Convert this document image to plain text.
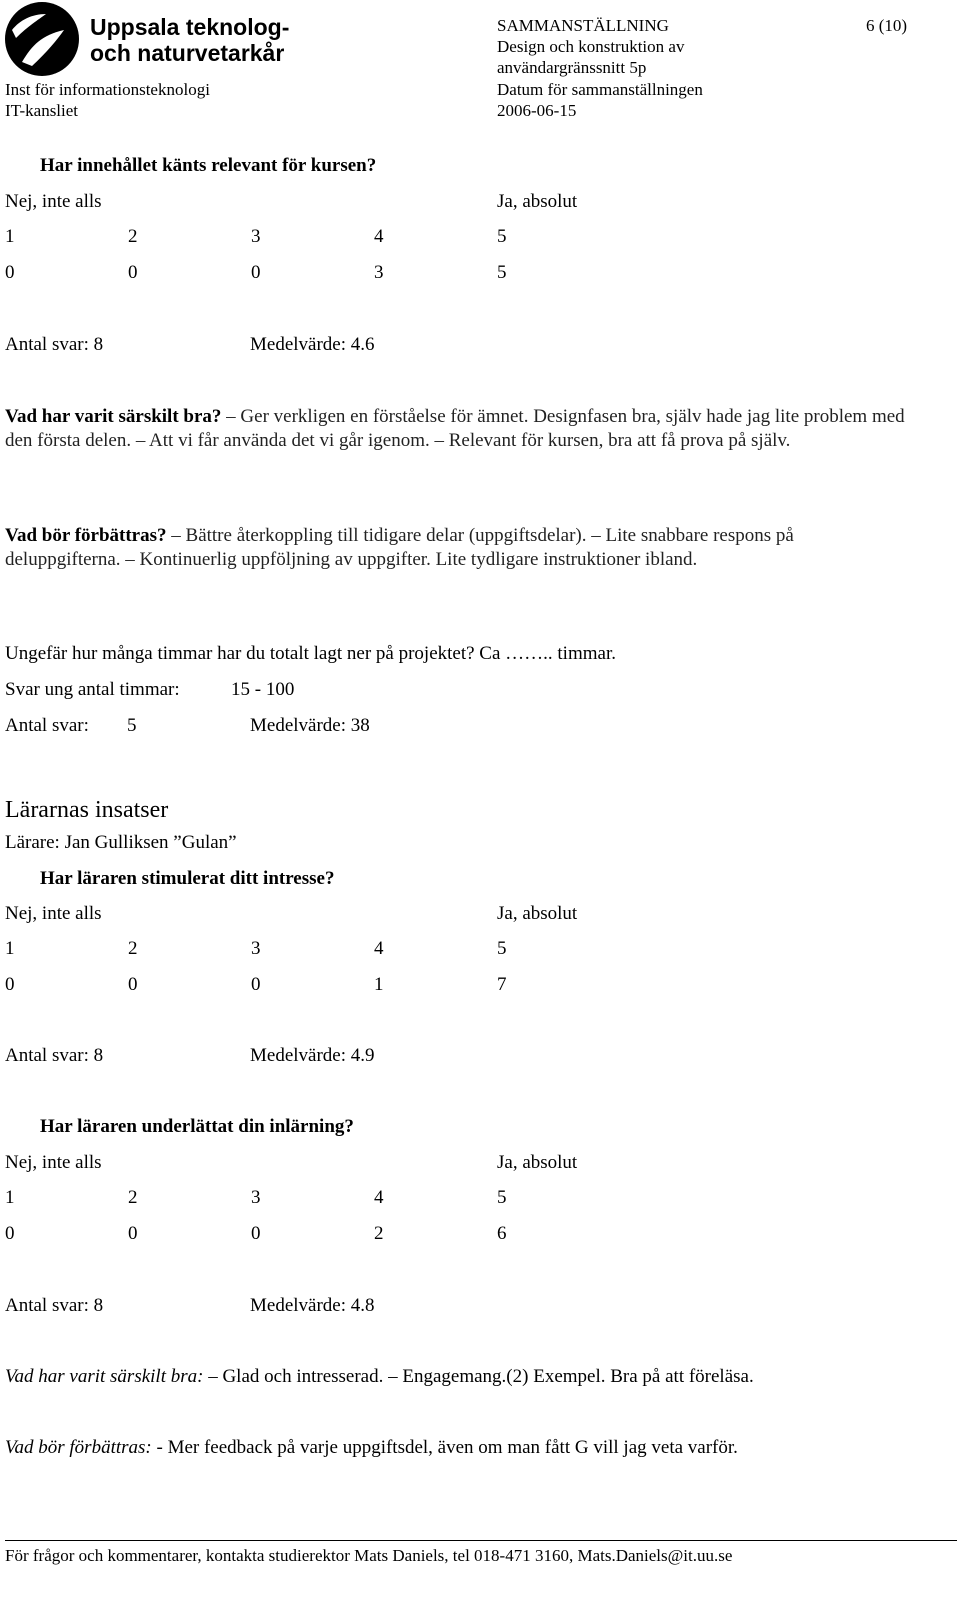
Uppsala teknolog-
och naturvetarkår
Inst för informationsteknologi
IT-kansliet
SAMMANSTÄLLNING
Design och konstruktion av
användargränssnitt 5p
Datum för sammanställningen
2006-06-15
6 (10)
Har innehållet känts relevant för kursen?
Nej, inte alls	Ja, absolut
1	2	3	4	5
0	0	0	3	5
Antal svar: 8	Medelvärde: 4.6
Vad har varit särskilt bra? – Ger verkligen en förståelse för ämnet. Designfasen bra, själv hade jag lite problem med den första delen. – Att vi får använda det vi går igenom. – Relevant för kursen, bra att få prova på själv.
Vad bör förbättras? – Bättre återkoppling till tidigare delar (uppgiftsdelar). – Lite snabbare respons på deluppgifterna. – Kontinuerlig uppföljning av uppgifter. Lite tydligare instruktioner ibland.
Ungefär hur många timmar har du totalt lagt ner på projektet? Ca …….. timmar.
Svar ung antal timmar:	15 - 100
Antal svar: 5	Medelvärde: 38
Lärarnas insatser
Lärare: Jan Gulliksen ”Gulan”
Har läraren stimulerat ditt intresse?
Nej, inte alls	Ja, absolut
1	2	3	4	5
0	0	0	1	7
Antal svar: 8	Medelvärde: 4.9
Har läraren underlättat din inlärning?
Nej, inte alls	Ja, absolut
1	2	3	4	5
0	0	0	2	6
Antal svar: 8	Medelvärde: 4.8
Vad har varit särskilt bra: – Glad och intresserad. – Engagemang.(2) Exempel. Bra på att föreläsa.
Vad bör förbättras: - Mer feedback på varje uppgiftsdel, även om man fått G vill jag veta varför.
För frågor och kommentarer, kontakta studierektor Mats Daniels, tel 018-471 3160, Mats.Daniels@it.uu.se
